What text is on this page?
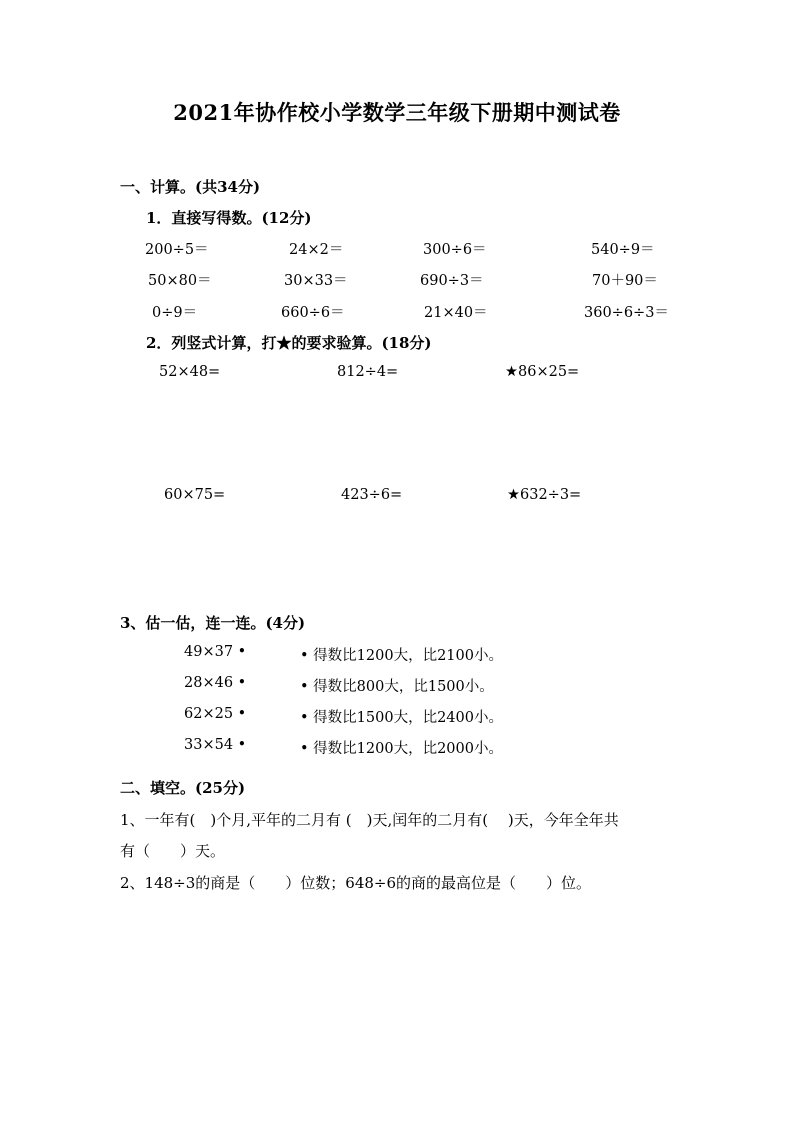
2021年协作校小学数学三年级下册期中测试卷
一、计算。(共34分)
1．直接写得数。(12分)
200÷5＝	24×2＝	300÷6＝	540÷9＝
50×80＝	30×33＝	690÷3＝	70＋90＝
0÷9＝	660÷6＝	21×40＝	360÷6÷3＝
2．列竖式计算，打★的要求验算。(18分)
52×48=	812÷4=	★86×25=
60×75=	423÷6=	★632÷3=
3、估一估，连一连。(4分)
49×37 •	• 得数比1200大，比2100小。
28×46 •	• 得数比800大，比1500小。
62×25 •	• 得数比1500大，比2400小。
33×54 •	• 得数比1200大，比2000小。
二、填空。(25分)
1、一年有(　)个月,平年的二月有 (　)天,闰年的二月有(　 )天，今年全年共
有（　　）天。
2、148÷3的商是（　　）位数；648÷6的商的最高位是（　　）位。
